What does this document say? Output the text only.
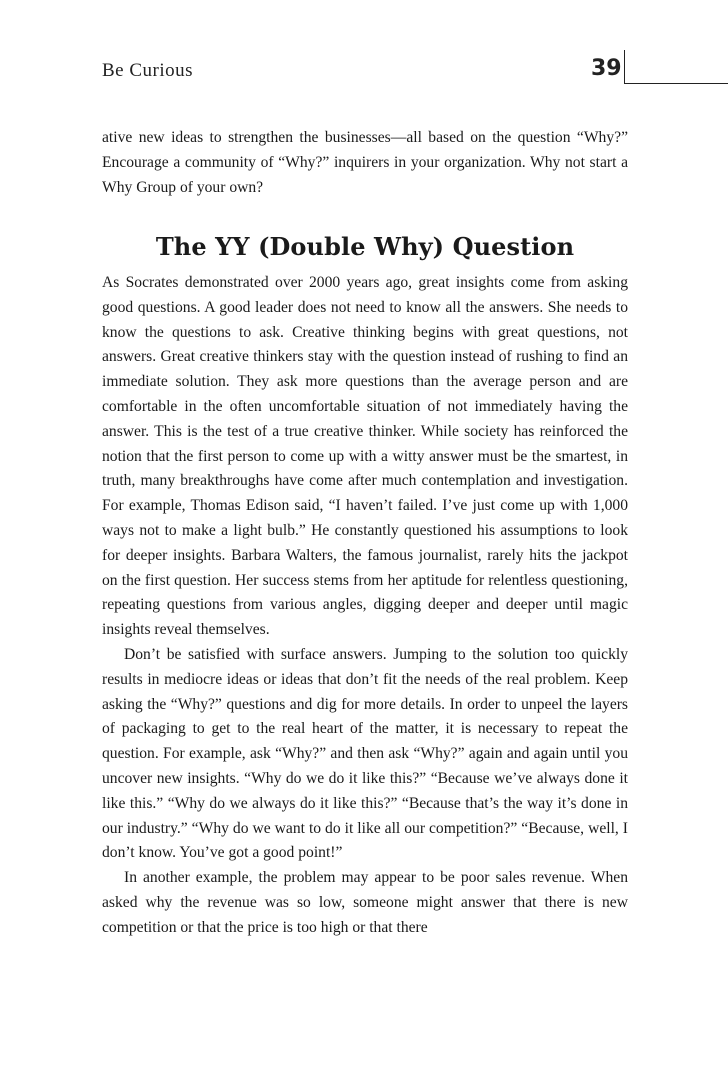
Be Curious	39

ative new ideas to strengthen the businesses—all based on the question “Why?” Encourage a community of “Why?” inquirers in your organization. Why not start a Why Group of your own?

The YY (Double Why) Question

As Socrates demonstrated over 2000 years ago, great insights come from asking good questions. A good leader does not need to know all the answers. She needs to know the questions to ask. Creative thinking begins with great questions, not answers. Great creative thinkers stay with the question instead of rushing to find an immediate solution. They ask more questions than the average person and are comfortable in the often uncomfortable situation of not immediately having the answer. This is the test of a true creative thinker. While society has reinforced the notion that the first person to come up with a witty answer must be the smartest, in truth, many breakthroughs have come after much contemplation and investigation. For example, Thomas Edison said, “I haven’t failed. I’ve just come up with 1,000 ways not to make a light bulb.” He constantly questioned his assumptions to look for deeper insights. Barbara Walters, the famous journalist, rarely hits the jackpot on the first question. Her success stems from her aptitude for relentless questioning, repeating questions from various angles, digging deeper and deeper until magic insights reveal themselves.

Don’t be satisfied with surface answers. Jumping to the solution too quickly results in mediocre ideas or ideas that don’t fit the needs of the real problem. Keep asking the “Why?” questions and dig for more details. In order to unpeel the layers of packaging to get to the real heart of the matter, it is necessary to repeat the question. For example, ask “Why?” and then ask “Why?” again and again until you uncover new insights. “Why do we do it like this?” “Because we’ve always done it like this.” “Why do we always do it like this?” “Because that’s the way it’s done in our industry.” “Why do we want to do it like all our competition?” “Because, well, I don’t know. You’ve got a good point!”

In another example, the problem may appear to be poor sales revenue. When asked why the revenue was so low, someone might answer that there is new competition or that the price is too high or that there
